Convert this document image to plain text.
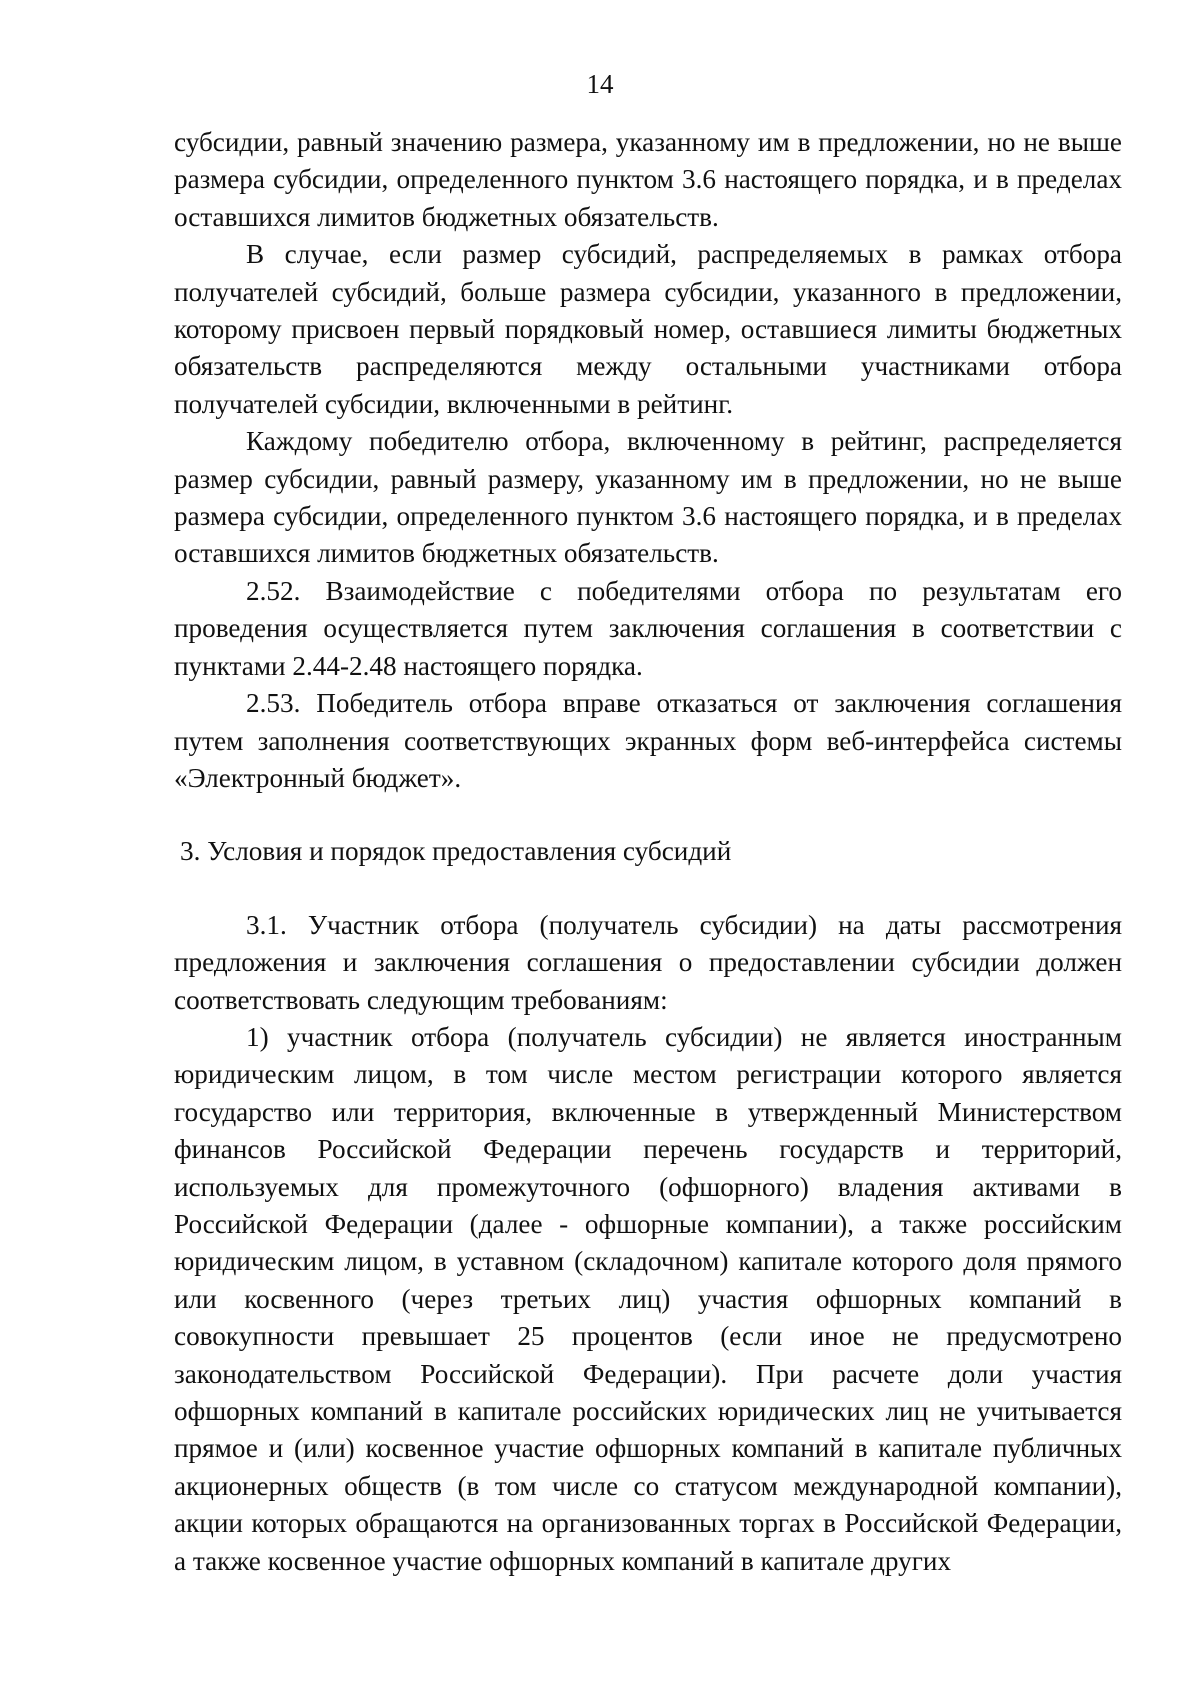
14

субсидии, равный значению размера, указанному им в предложении, но не выше размера субсидии, определенного пунктом 3.6 настоящего порядка, и в пределах оставшихся лимитов бюджетных обязательств.

В случае, если размер субсидий, распределяемых в рамках отбора получателей субсидий, больше размера субсидии, указанного в предложении, которому присвоен первый порядковый номер, оставшиеся лимиты бюджетных обязательств распределяются между остальными участниками отбора получателей субсидии, включенными в рейтинг.

Каждому победителю отбора, включенному в рейтинг, распределяется размер субсидии, равный размеру, указанному им в предложении, но не выше размера субсидии, определенного пунктом 3.6 настоящего порядка, и в пределах оставшихся лимитов бюджетных обязательств.

2.52. Взаимодействие с победителями отбора по результатам его проведения осуществляется путем заключения соглашения в соответствии с пунктами 2.44-2.48 настоящего порядка.

2.53. Победитель отбора вправе отказаться от заключения соглашения путем заполнения соответствующих экранных форм веб-интерфейса системы «Электронный бюджет».

3. Условия и порядок предоставления субсидий

3.1. Участник отбора (получатель субсидии) на даты рассмотрения предложения и заключения соглашения о предоставлении субсидии должен соответствовать следующим требованиям:

1) участник отбора (получатель субсидии) не является иностранным юридическим лицом, в том числе местом регистрации которого является государство или территория, включенные в утвержденный Министерством финансов Российской Федерации перечень государств и территорий, используемых для промежуточного (офшорного) владения активами в Российской Федерации (далее - офшорные компании), а также российским юридическим лицом, в уставном (складочном) капитале которого доля прямого или косвенного (через третьих лиц) участия офшорных компаний в совокупности превышает 25 процентов (если иное не предусмотрено законодательством Российской Федерации). При расчете доли участия офшорных компаний в капитале российских юридических лиц не учитывается прямое и (или) косвенное участие офшорных компаний в капитале публичных акционерных обществ (в том числе со статусом международной компании), акции которых обращаются на организованных торгах в Российской Федерации, а также косвенное участие офшорных компаний в капитале других
